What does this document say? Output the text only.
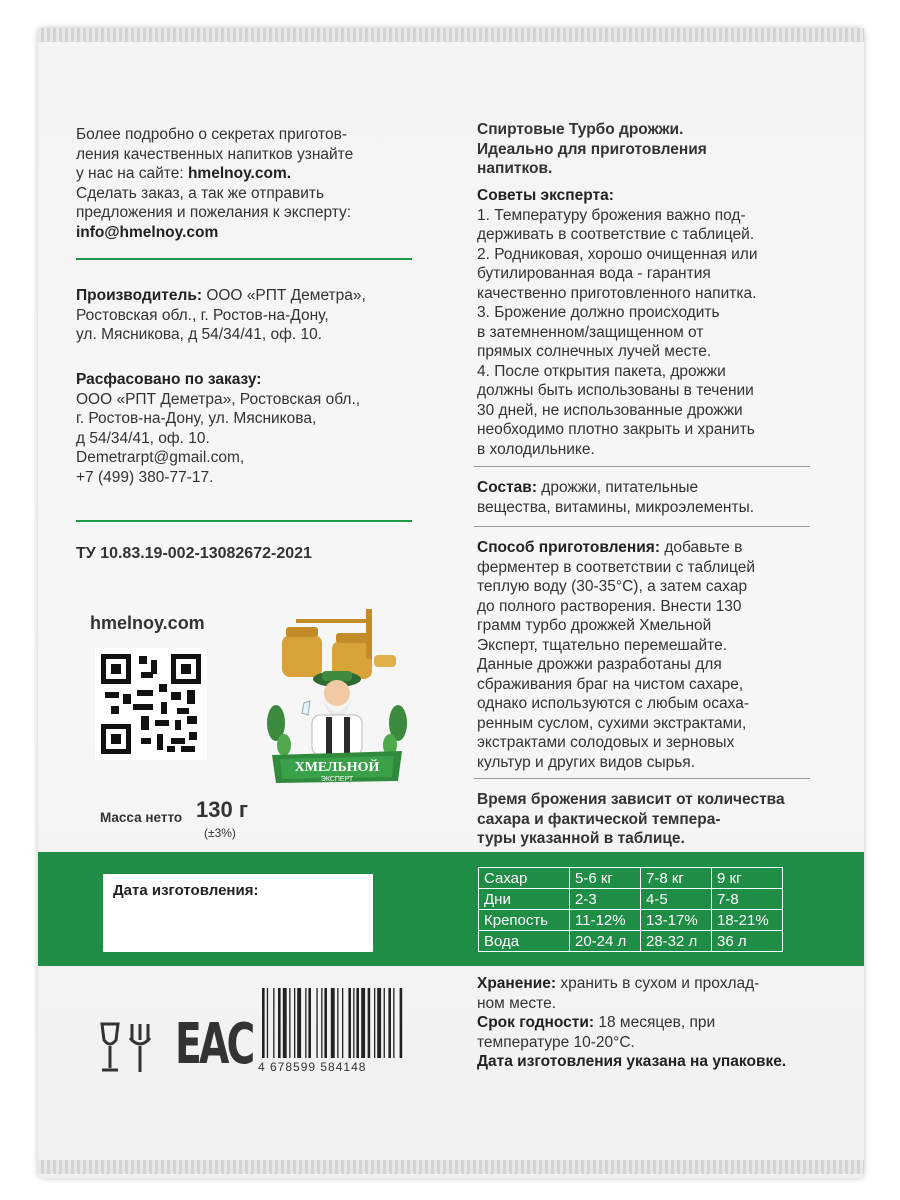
Более подробно о секретах приготов-
ления качественных напитков узнайте
у нас на сайте: hmelnoy.com.
Сделать заказ, а так же отправить
предложения и пожелания к эксперту:
info@hmelnoy.com
Производитель: ООО «РПТ Деметра»,
Ростовская обл., г. Ростов-на-Дону,
ул. Мясникова, д 54/34/41, оф. 10.
Расфасовано по заказу:
ООО «РПТ Деметра», Ростовская обл.,
г. Ростов-на-Дону, ул. Мясникова,
д 54/34/41, оф. 10.
Demetrarpt@gmail.com,
+7 (499) 380-77-17.
ТУ 10.83.19-002-13082672-2021
hmelnoy.com
ХМЕЛЬНОЙ
ЭКСПЕРТ
Масса нетто 130 г
(±3%)
Спиртовые Турбо дрожжи.
Идеально для приготовления
напитков.
Советы эксперта:
1. Температуру брожения важно под-
держивать в соответствие с таблицей.
2. Родниковая, хорошо очищенная или
бутилированная вода - гарантия
качественно приготовленного напитка.
3. Брожение должно происходить
в затемненном/защищенном от
прямых солнечных лучей месте.
4. После открытия пакета, дрожжи
должны быть использованы в течении
30 дней, не использованные дрожжи
необходимо плотно закрыть и хранить
в холодильнике.
Состав: дрожжи, питательные
вещества, витамины, микроэлементы.
Способ приготовления: добавьте в
ферментер в соответствии с таблицей
теплую воду (30-35°С), а затем сахар
до полного растворения. Внести 130
грамм турбо дрожжей Хмельной
Эксперт, тщательно перемешайте.
Данные дрожжи разработаны для
сбраживания браг на чистом сахаре,
однако используются с любым осаха-
ренным суслом, сухими экстрактами,
экстрактами солодовых и зерновых
культур и других видов сырья.
Время брожения зависит от количества
сахара и фактической темпера-
туры указанной в таблице.
Дата изготовления:
Сахар	5-6 кг	7-8 кг	9 кг
Дни	2-3	4-5	7-8
Крепость	11-12%	13-17%	18-21%
Вода	20-24 л	28-32 л	36 л
Хранение: хранить в сухом и прохлад-
ном месте.
Срок годности: 18 месяцев, при
температуре 10-20°С.
Дата изготовления указана на упаковке.
ЕАС 4 678599 584148
